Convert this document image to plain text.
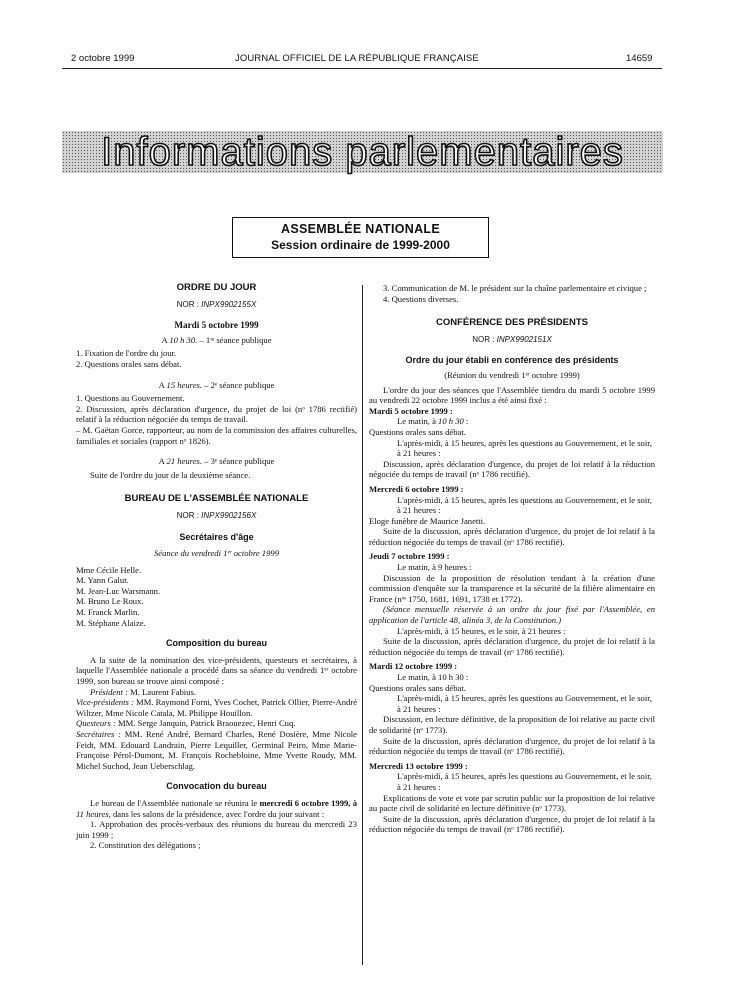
2 octobre 1999	JOURNAL OFFICIEL DE LA RÉPUBLIQUE FRANÇAISE	14659
Informations parlementaires
ASSEMBLÉE NATIONALE
Session ordinaire de 1999-2000
ORDRE DU JOUR
NOR : INPX9902155X
Mardi 5 octobre 1999
A 10 h 30. – 1ʳᵉ séance publique

1. Fixation de l'ordre du jour.

2. Questions orales sans débat.

A 15 heures. – 2ᵉ séance publique

1. Questions au Gouvernement.

2. Discussion, après déclaration d'urgence, du projet de loi (nᵒ 1786 rectifié) relatif à la réduction négociée du temps de travail.

– M. Gaëtan Gorce, rapporteur, au nom de la commission des affaires culturelles, familiales et sociales (rapport nᵒ 1826).

A 21 heures. – 3ᵉ séance publique

Suite de l'ordre du jour de la deuxième séance.

BUREAU DE L'ASSEMBLÉE NATIONALE
NOR : INPX9902156X
Secrétaires d'âge
Séance du vendredi 1ᵉʳ octobre 1999

Mme Cécile Helle.

M. Yann Galut.

M. Jean-Luc Warsmann.

M. Bruno Le Roux.

M. Franck Marlin.

M. Stéphane Alaize.

Composition du bureau

A la suite de la nomination des vice-présidents, questeurs et secrétaires, à laquelle l'Assemblée nationale a procédé dans sa séance du vendredi 1ᵉʳ octobre 1999, son bureau se trouve ainsi composé :

Président : M. Laurent Fabius.

Vice-présidents : MM. Raymond Forni, Yves Cochet, Patrick Ollier, Pierre-André Wiltzer, Mme Nicole Catala, M. Philippe Houillon.

Questeurs : MM. Serge Janquin, Patrick Braouezec, Henri Cuq.

Secrétaires : MM. René André, Bernard Charles, René Dosière, Mme Nicole Feidt, MM. Edouard Landrain, Pierre Lequiller, Germinal Peiro, Mme Marie-Françoise Pérol-Dumont, M. François Rochebloine, Mme Yvette Roudy, MM. Michel Suchod, Jean Ueberschlag.

Convocation du bureau

Le bureau de l'Assemblée nationale se réunira le mercredi 6 octobre 1999, à 11 heures, dans les salons de la présidence, avec l'ordre du jour suivant :

1. Approbation des procès-verbaux des réunions du bureau du mercredi 23 juin 1999 ;

2. Constitution des délégations ;

3. Communication de M. le président sur la chaîne parlementaire et civique ;

4. Questions diverses.

CONFÉRENCE DES PRÉSIDENTS
NOR : INPX9902151X
Ordre du jour établi en conférence des présidents
(Réunion du vendredi 1ᵉʳ octobre 1999)

L'ordre du jour des séances que l'Assemblée tiendra du mardi 5 octobre 1999 au vendredi 22 octobre 1999 inclus a été ainsi fixé :

Mardi 5 octobre 1999 :

Le matin, à 10 h 30 :

Questions orales sans débat.

L'après-midi, à 15 heures, après les questions au Gouvernement, et le soir, à 21 heures :

Discussion, après déclaration d'urgence, du projet de loi relatif à la réduction négociée du temps de travail (nᵒ 1786 rectifié).

Mercredi 6 octobre 1999 :

L'après-midi, à 15 heures, après les questions au Gouvernement, et le soir, à 21 heures :

Eloge funèbre de Maurice Janetti.

Suite de la discussion, après déclaration d'urgence, du projet de loi relatif à la réduction négociée du temps de travail (nᵒ 1786 rectifié).

Jeudi 7 octobre 1999 :

Le matin, à 9 heures :

Discussion de la proposition de résolution tendant à la création d'une commission d'enquête sur la transparence et la sécurité de la filière alimentaire en France (nᵒˢ 1750, 1681, 1691, 1738 et 1772).

(Séance mensuelle réservée à un ordre du jour fixé par l'Assemblée, en application de l'article 48, alinéa 3, de la Constitution.)

L'après-midi, à 15 heures, et le soir, à 21 heures :

Suite de la discussion, après déclaration d'urgence, du projet de loi relatif à la réduction négociée du temps de travail (nᵒ 1786 rectifié).

Mardi 12 octobre 1999 :

Le matin, à 10 h 30 :

Questions orales sans débat.

L'après-midi, à 15 heures, après les questions au Gouvernement, et le soir, à 21 heures :

Discussion, en lecture définitive, de la proposition de loi relative au pacte civil de solidarité (nᵒ 1773).

Suite de la discussion, après déclaration d'urgence, du projet de loi relatif à la réduction négociée du temps de travail (nᵒ 1786 rectifié).

Mercredi 13 octobre 1999 :

L'après-midi, à 15 heures, après les questions au Gouvernement, et le soir, à 21 heures :

Explications de vote et vote par scrutin public sur la proposition de loi relative au pacte civil de solidarité en lecture définitive (nᵒ 1773).

Suite de la discussion, après déclaration d'urgence, du projet de loi relatif à la réduction négociée du temps de travail (nᵒ 1786 rectifié).
